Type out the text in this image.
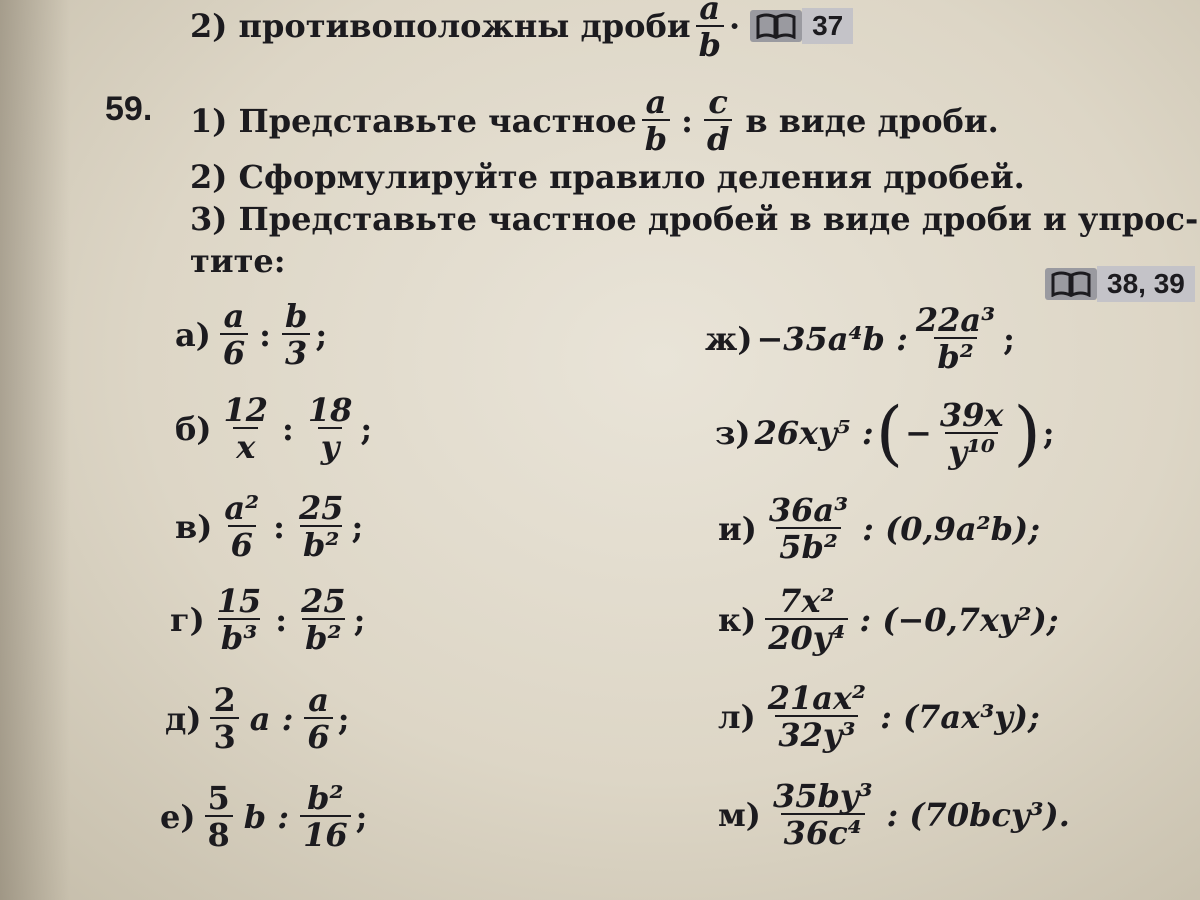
2) противоположны дроби $\frac{a}{b}$ ·	37
59. 1) Представьте частное $\frac{a}{b}$ : $\frac{c}{d}$ в виде дроби.
2) Сформулируйте правило деления дробей.
3) Представьте частное дробей в виде дроби и упрос-
тите:
38, 39
$а) \frac{a}{6}$ : $\frac{b}{3}$ ;
$б) \frac{12}{x}$ : $\frac{18}{y}$ ;
$в) \frac{\text{a²}}{6}$ : $\frac{25}{\text{b²}}$ ;
$г) \frac{15}{\text{b³}}$ : $\frac{25}{\text{b²}}$ ;
$д) \frac{2}{3}$ a : $\frac{a}{6}$ ;
$е) \frac{5}{8}$ b : $\frac{\text{b²}}{16}$ ;
ж) −35a⁴b : $\frac{\text{22a³}}{\text{b²}}$ ;
з) 26xy⁵ : ( − $\frac{39x}{\text{y¹⁰}}$ ) ;
$и) \frac{\text{36a³}}{\text{5b²}}$ : (0,9a²b);
$к) \frac{\text{7x²}}{\text{20y⁴}}$ : (−0,7xy²);
$л) \frac{\text{21ax²}}{\text{32y³}}$ : (7ax³y);
$м) \frac{\text{35by³}}{\text{36c⁴}}$ : (70bcy³).
